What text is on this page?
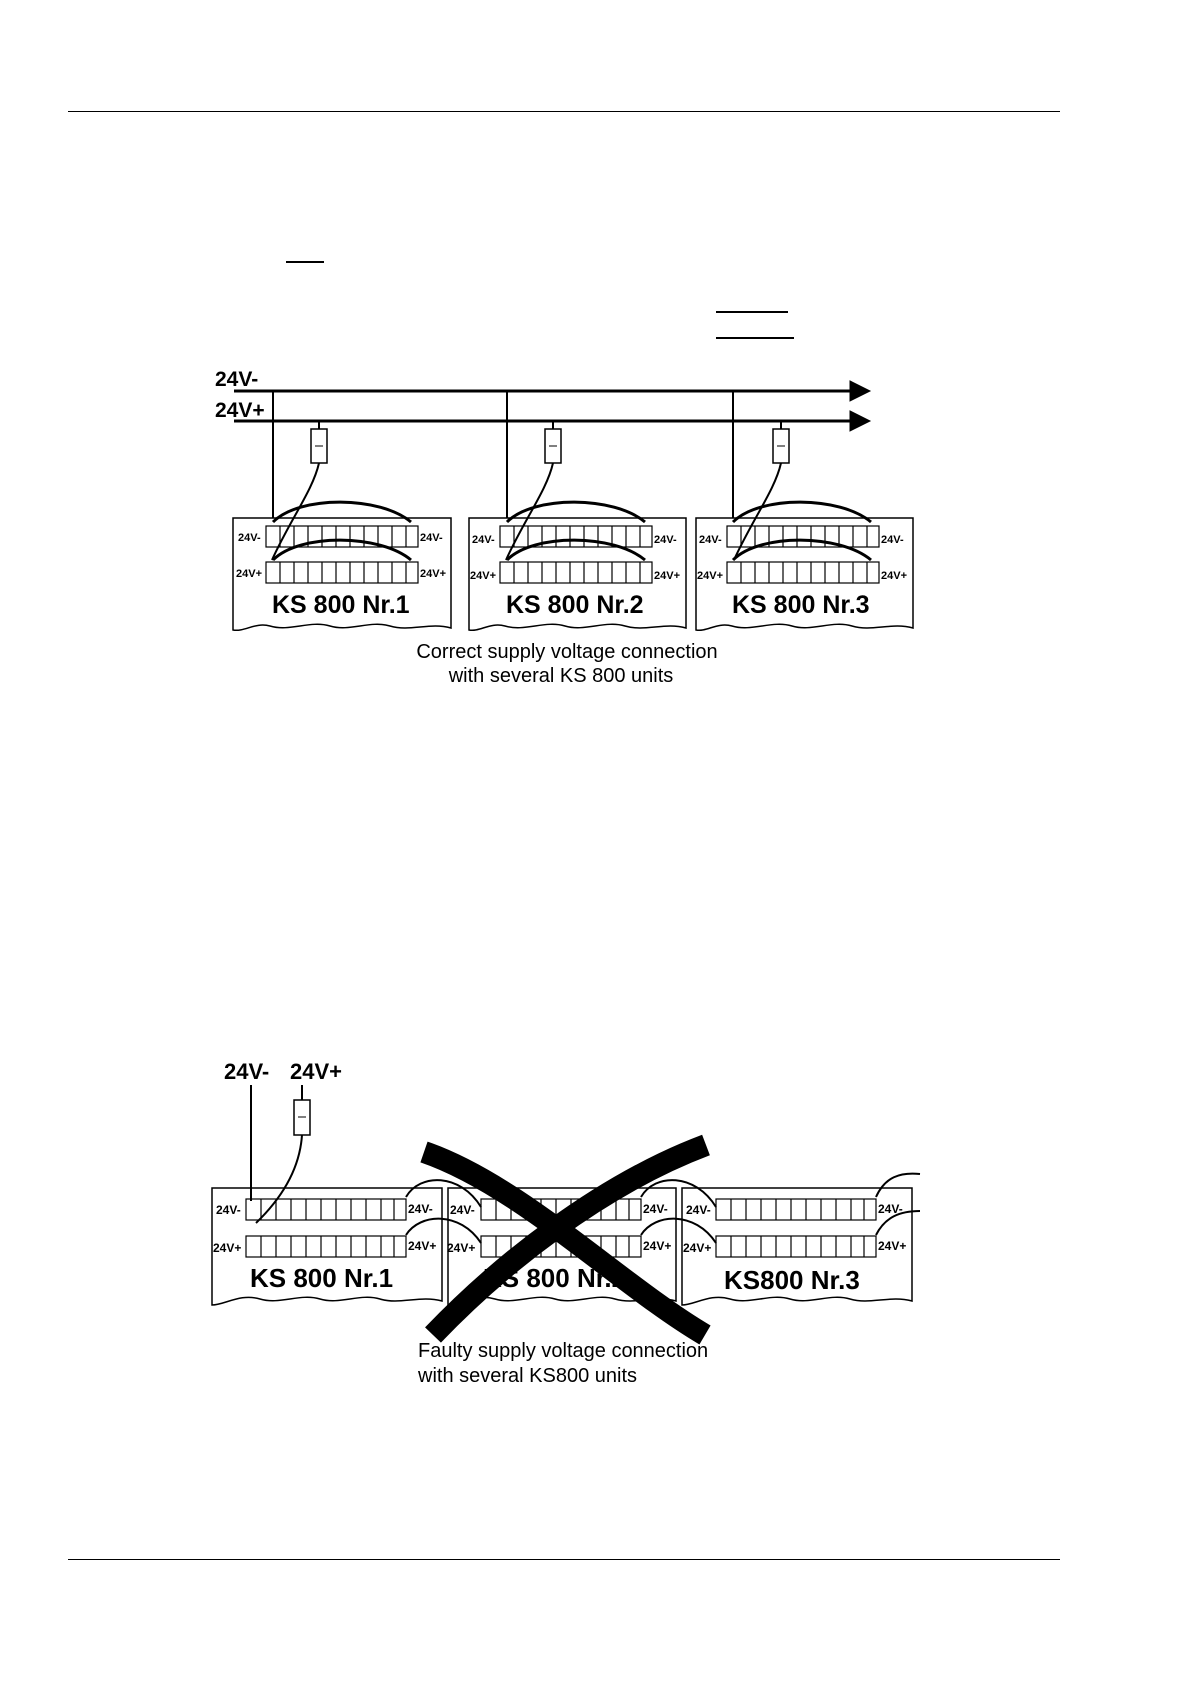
24V-
24V+
24V-	24V-
24V+	24V+
24V-	24V-
24V+	24V+
24V-	24V-
24V+	24V+
KS 800 Nr.1	KS 800 Nr.2	KS 800 Nr.3
Correct supply voltage connection
with several KS 800 units
24V- 24V+
24V-	24V-
24V+	24V+
24V-	24V-
24V+	24V+
24V-	24V-
24V+	24V+
KS 800 Nr.1	KS 800 Nr.2	KS800 Nr.3
Faulty supply voltage connection
with several KS800 units
